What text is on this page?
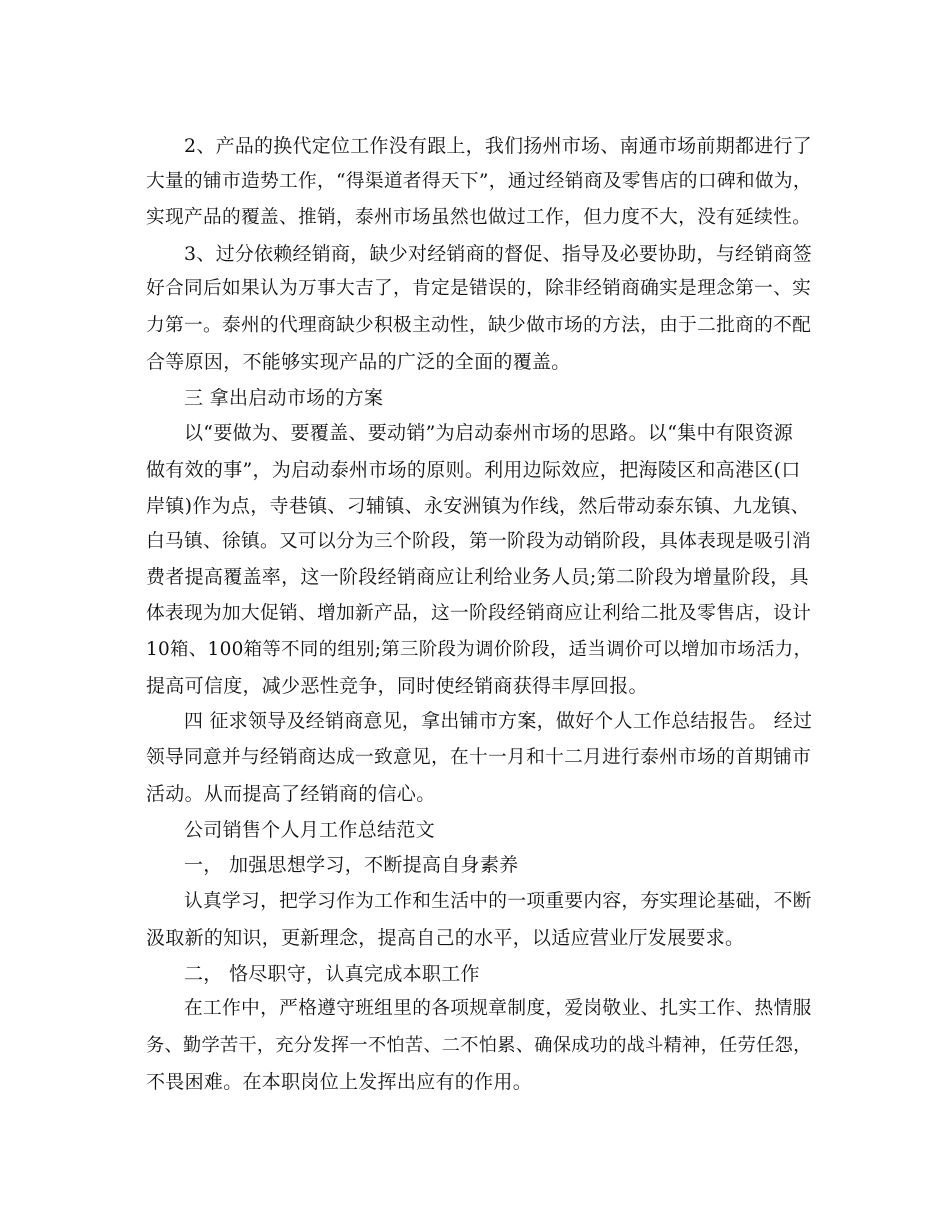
2、产品的换代定位工作没有跟上，我们扬州市场、南通市场前期都进行了
大量的铺市造势工作，“得渠道者得天下”，通过经销商及零售店的口碑和做为，
实现产品的覆盖、推销，泰州市场虽然也做过工作，但力度不大，没有延续性。
3、过分依赖经销商，缺少对经销商的督促、指导及必要协助，与经销商签
好合同后如果认为万事大吉了，肯定是错误的，除非经销商确实是理念第一、实
力第一。泰州的代理商缺少积极主动性，缺少做市场的方法，由于二批商的不配
合等原因，不能够实现产品的广泛的全面的覆盖。
三 拿出启动市场的方案
以“要做为、要覆盖、要动销”为启动泰州市场的思路。以“集中有限资源
做有效的事”，为启动泰州市场的原则。利用边际效应，把海陵区和高港区(口
岸镇)作为点，寺巷镇、刁辅镇、永安洲镇为作线，然后带动泰东镇、九龙镇、
白马镇、徐镇。又可以分为三个阶段，第一阶段为动销阶段，具体表现是吸引消
费者提高覆盖率，这一阶段经销商应让利给业务人员;第二阶段为增量阶段，具
体表现为加大促销、增加新产品，这一阶段经销商应让利给二批及零售店，设计
10箱、100箱等不同的组别;第三阶段为调价阶段，适当调价可以增加市场活力，
提高可信度，减少恶性竞争，同时使经销商获得丰厚回报。
四 征求领导及经销商意见，拿出铺市方案，做好个人工作总结报告。 经过
领导同意并与经销商达成一致意见，在十一月和十二月进行泰州市场的首期铺市
活动。从而提高了经销商的信心。
公司销售个人月工作总结范文
一， 加强思想学习，不断提高自身素养
认真学习，把学习作为工作和生活中的一项重要内容，夯实理论基础，不断
汲取新的知识，更新理念，提高自己的水平，以适应营业厅发展要求。
二， 恪尽职守，认真完成本职工作
在工作中，严格遵守班组里的各项规章制度，爱岗敬业、扎实工作、热情服
务、勤学苦干，充分发挥一不怕苦、二不怕累、确保成功的战斗精神，任劳任怨，
不畏困难。在本职岗位上发挥出应有的作用。
